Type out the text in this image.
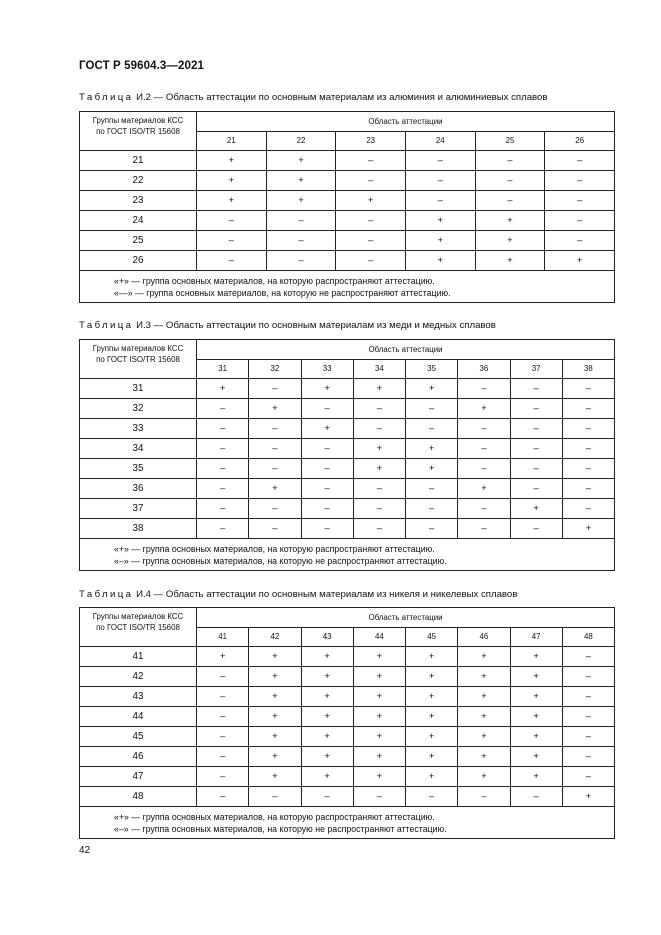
ГОСТ Р 59604.3—2021
Таблица И.2 — Область аттестации по основным материалам из алюминия и алюминиевых сплавов
Группы материалов КСС
по ГОСТ ISO/TR 15608	Область аттестации					
	21	22	23	24	25	26
21	+	+	–	–	–	–
22	+	+	–	–	–	–
23	+	+	+	–	–	–
24	–	–	–	+	+	–
25	–	–	–	+	+	–
26	–	–	–	+	+	+
«+» — группа основных материалов, на которую распространяют аттестацию.
«—» — группа основных материалов, на которую не распространяют аттестацию.						
Таблица И.3 — Область аттестации по основным материалам из меди и медных сплавов
Группы материалов КСС
по ГОСТ ISO/TR 15608	Область аттестации							
	31	32	33	34	35	36	37	38
31	+	–	+	+	+	–	–	–
32	–	+	–	–	–	+	–	–
33	–	–	+	–	–	–	–	–
34	–	–	–	+	+	–	–	–
35	–	–	–	+	+	–	–	–
36	–	+	–	–	–	+	–	–
37	–	–	–	–	–	–	+	–
38	–	–	–	–	–	–	–	+
«+» — группа основных материалов, на которую распространяют аттестацию.
«–» — группа основных материалов, на которую не распространяют аттестацию.								
Таблица И.4 — Область аттестации по основным материалам из никеля и никелевых сплавов
Группы материалов КСС
по ГОСТ ISO/TR 15608	Область аттестации							
	41	42	43	44	45	46	47	48
41	+	+	+	+	+	+	+	–
42	–	+	+	+	+	+	+	–
43	–	+	+	+	+	+	+	–
44	–	+	+	+	+	+	+	–
45	–	+	+	+	+	+	+	–
46	–	+	+	+	+	+	+	–
47	–	+	+	+	+	+	+	–
48	–	–	–	–	–	–	–	+
«+» — группа основных материалов, на которую распространяют аттестацию.
«–» — группа основных материалов, на которую не распространяют аттестацию.								
42
